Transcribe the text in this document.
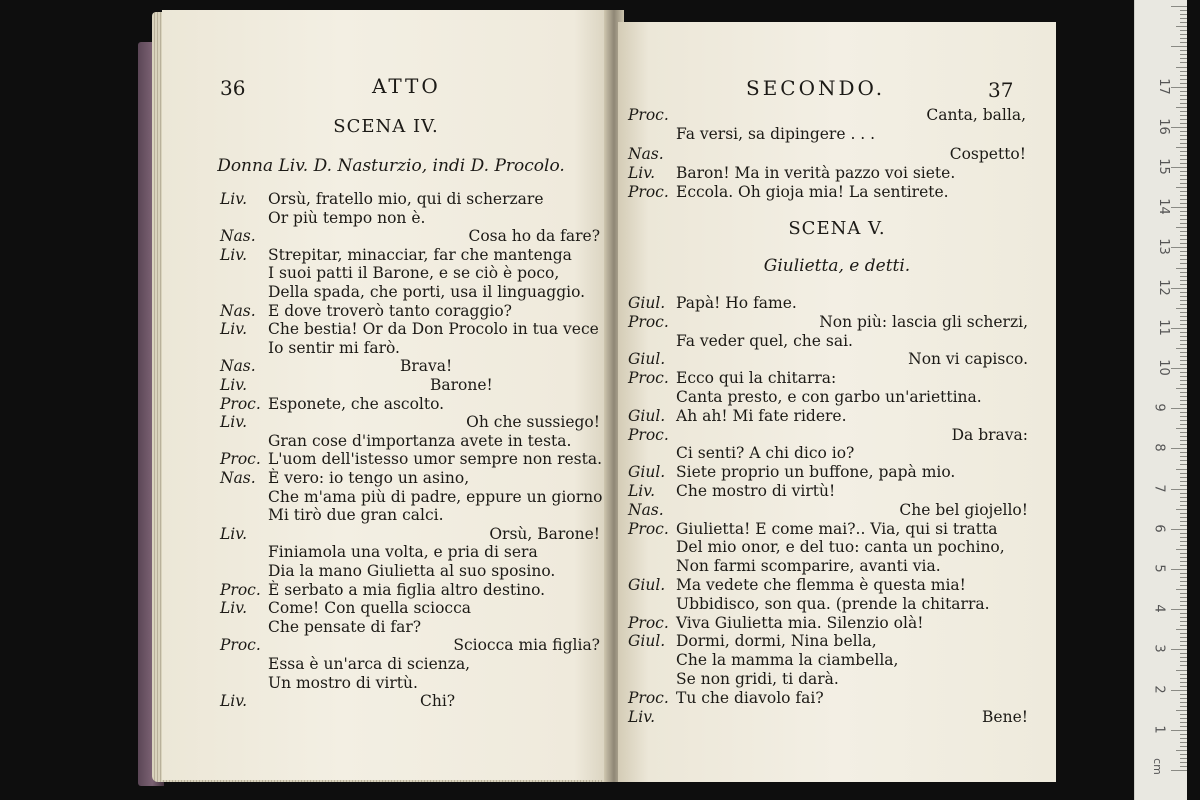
36	ATTO
SCENA IV.
Donna Liv. D. Nasturzio, indi D. Procolo.
Liv. Orsù, fratello mio, qui di scherzare
Or più tempo non è.
Nas.	Cosa ho da fare?
Liv. Strepitar, minacciar, far che mantenga
I suoi patti il Barone, e se ciò è poco,
Della spada, che porti, usa il linguaggio.
Nas. E dove troverò tanto coraggio?
Liv. Che bestia! Or da Don Procolo in tua vece
Io sentir mi farò.
Nas.	Brava!
Liv.	Barone!
Proc. Esponete, che ascolto.
Liv.	Oh che sussiego!
Gran cose d'importanza avete in testa.
Proc. L'uom dell'istesso umor sempre non resta.
Nas. È vero: io tengo un asino,
Che m'ama più di padre, eppure un giorno
Mi tirò due gran calci.
Liv.	Orsù, Barone!
Finiamola una volta, e pria di sera
Dia la mano Giulietta al suo sposino.
Proc. È serbato a mia figlia altro destino.
Liv. Come! Con quella sciocca
Che pensate di far?
Proc.	Sciocca mia figlia?
Essa è un'arca di scienza,
Un mostro di virtù.
Liv.	Chi?
SECONDO.	37
Proc.	Canta, balla,
Fa versi, sa dipingere . . .
Nas.	Cospetto!
Liv. Baron! Ma in verità pazzo voi siete.
Proc. Eccola. Oh gioja mia! La sentirete.
SCENA V.
Giulietta, e detti.
Giul. Papà! Ho fame.
Proc.	Non più: lascia gli scherzi,
Fa veder quel, che sai.
Giul.	Non vi capisco.
Proc. Ecco qui la chitarra:
Canta presto, e con garbo un'ariettina.
Giul. Ah ah! Mi fate ridere.
Proc.	Da brava:
Ci senti? A chi dico io?
Giul. Siete proprio un buffone, papà mio.
Liv. Che mostro di virtù!
Nas.	Che bel giojello!
Proc. Giulietta! E come mai?.. Via, qui si tratta
Del mio onor, e del tuo: canta un pochino,
Non farmi scomparire, avanti via.
Giul. Ma vedete che flemma è questa mia!
Ubbidisco, son qua. (prende la chitarra.
Proc. Viva Giulietta mia. Silenzio olà!
Giul. Dormi, dormi, Nina bella,
Che la mamma la ciambella,
Se non gridi, ti darà.
Proc. Tu che diavolo fai?
Liv.	Bene!
1
2
3
4
5
6
7
8
9
10
11
12
13
14
15
16
17
cm
